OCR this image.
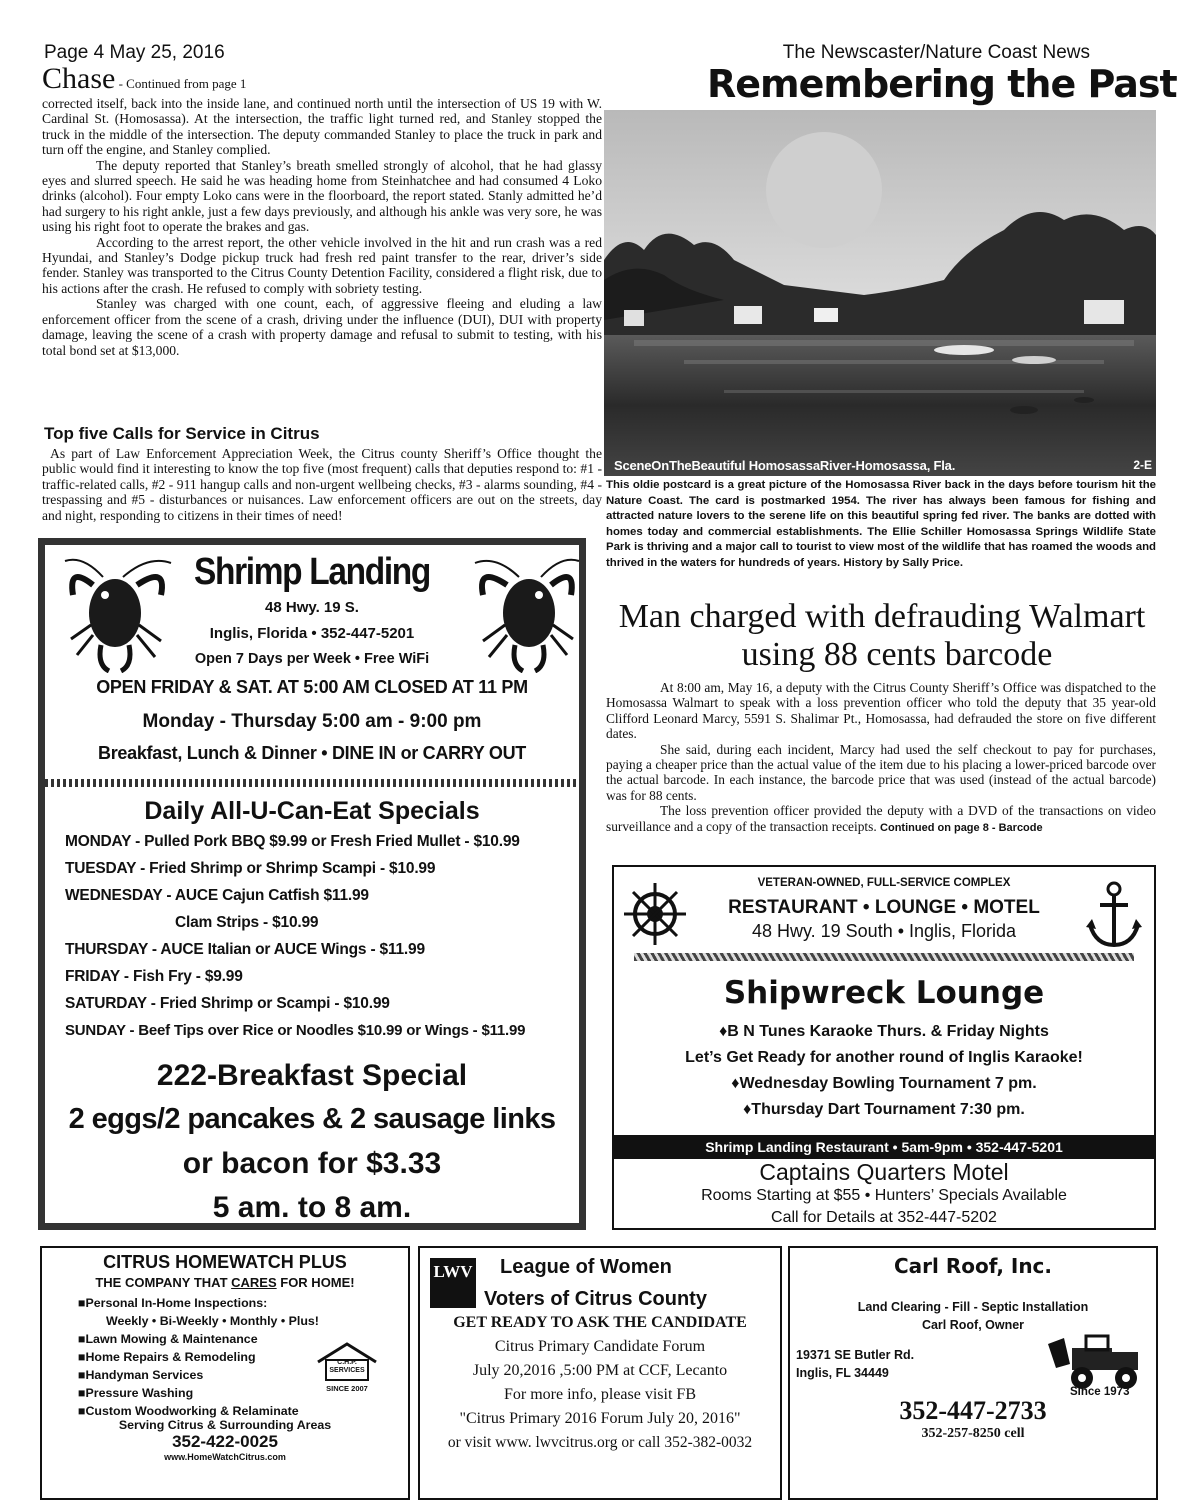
Page 4 May 25, 2016	The Newscaster/Nature Coast News
Chase - Continued from page 1

corrected itself, back into the inside lane, and continued north until the intersection of US 19 with W. Cardinal St. (Homosassa). At the intersection, the traffic light turned red, and Stanley stopped the truck in the middle of the intersection. The deputy commanded Stanley to place the truck in park and turn off the engine, and Stanley complied.

The deputy reported that Stanley’s breath smelled strongly of alcohol, that he had glassy eyes and slurred speech. He said he was heading home from Steinhatchee and had consumed 4 Loko drinks (alcohol). Four empty Loko cans were in the floorboard, the report stated. Stanly admitted he’d had surgery to his right ankle, just a few days previously, and although his ankle was very sore, he was using his right foot to operate the brakes and gas.

According to the arrest report, the other vehicle involved in the hit and run crash was a red Hyundai, and Stanley’s Dodge pickup truck had fresh red paint transfer to the rear, driver’s side fender. Stanley was transported to the Citrus County Detention Facility, considered a flight risk, due to his actions after the crash. He refused to comply with sobriety testing.

Stanley was charged with one count, each, of aggressive fleeing and eluding a law enforcement officer from the scene of a crash, driving under the influence (DUI), DUI with property damage, leaving the scene of a crash with property damage and refusal to submit to testing, with his total bond set at $13,000.

Top five Calls for Service in Citrus

As part of Law Enforcement Appreciation Week, the Citrus county Sheriff’s Office thought the public would find it interesting to know the top five (most frequent) calls that deputies respond to: #1 - traffic-related calls, #2 - 911 hangup calls and non-urgent wellbeing checks, #3 - alarms sounding, #4 - trespassing and #5 - disturbances or nuisances. Law enforcement officers are out on the streets, day and night, responding to citizens in their times of need!

Shrimp Landing
48 Hwy. 19 S.
Inglis, Florida • 352-447-5201
Open 7 Days per Week • Free WiFi
OPEN FRIDAY & SAT. AT 5:00 AM CLOSED AT 11 PM
Monday - Thursday 5:00 am - 9:00 pm
Breakfast, Lunch & Dinner • DINE IN or CARRY OUT
Daily All-U-Can-Eat Specials
MONDAY - Pulled Pork BBQ $9.99 or Fresh Fried Mullet - $10.99
TUESDAY - Fried Shrimp or Shrimp Scampi - $10.99
WEDNESDAY - AUCE Cajun Catfish $11.99
Clam Strips - $10.99
THURSDAY - AUCE Italian or AUCE Wings - $11.99
FRIDAY - Fish Fry - $9.99
SATURDAY - Fried Shrimp or Scampi - $10.99
SUNDAY - Beef Tips over Rice or Noodles $10.99 or Wings - $11.99
222-Breakfast Special
2 eggs/2 pancakes & 2 sausage links
or bacon for $3.33
5 am. to 8 am.
Remembering the Past
SceneOnTheBeautiful HomosassaRiver-Homosassa, Fla.	2-E
This oldie postcard is a great picture of the Homosassa River back in the days before tourism hit the Nature Coast. The card is postmarked 1954. The river has always been famous for fishing and attracted nature lovers to the serene life on this beautiful spring fed river. The banks are dotted with homes today and commercial establishments. The Ellie Schiller Homosassa Springs Wildlife State Park is thriving and a major call to tourist to view most of the wildlife that has roamed the woods and thrived in the waters for hundreds of years. History by Sally Price.
Man charged with defrauding Walmart
using 88 cents barcode

At 8:00 am, May 16, a deputy with the Citrus County Sheriff’s Office was dispatched to the Homosassa Walmart to speak with a loss prevention officer who told the deputy that 35 year-old Clifford Leonard Marcy, 5591 S. Shalimar Pt., Homosassa, had defrauded the store on five different dates.

She said, during each incident, Marcy had used the self checkout to pay for purchases, paying a cheaper price than the actual value of the item due to his placing a lower-priced barcode over the actual barcode. In each instance, the barcode price that was used (instead of the actual barcode) was for 88 cents.

The loss prevention officer provided the deputy with a DVD of the transactions on video surveillance and a copy of the transaction receipts. Continued on page 8 - Barcode

VETERAN-OWNED, FULL-SERVICE COMPLEX
RESTAURANT • LOUNGE • MOTEL
48 Hwy. 19 South • Inglis, Florida
Shipwreck Lounge
♦B N Tunes Karaoke Thurs. & Friday Nights
Let’s Get Ready for another round of Inglis Karaoke!
♦Wednesday Bowling Tournament 7 pm.
♦Thursday Dart Tournament 7:30 pm.
Shrimp Landing Restaurant • 5am-9pm • 352-447-5201
Captains Quarters Motel
Rooms Starting at $55 • Hunters’ Specials Available
Call for Details at 352-447-5202
CITRUS HOMEWATCH PLUS
THE COMPANY THAT CARES FOR HOME!
■Personal In-Home Inspections:
Weekly • Bi-Weekly • Monthly • Plus!
■Lawn Mowing & Maintenance
■Home Repairs & Remodeling
■Handyman Services
■Pressure Washing
■Custom Woodworking & Relaminate
C.H.P.
SERVICES
SINCE 2007
Serving Citrus & Surrounding Areas
352-422-0025
www.HomeWatchCitrus.com
LWV League of Women
Voters of Citrus County
GET READY TO ASK THE CANDIDATE
Citrus Primary Candidate Forum
July 20,2016 ,5:00 PM at CCF, Lecanto
For more info, please visit FB
"Citrus Primary 2016 Forum July 20, 2016"
or visit www. lwvcitrus.org or call 352-382-0032
Carl Roof, Inc.
Land Clearing - Fill - Septic Installation
Carl Roof, Owner
19371 SE Butler Rd.
Inglis, FL 34449
Since 1973
352-447-2733
352-257-8250 cell
